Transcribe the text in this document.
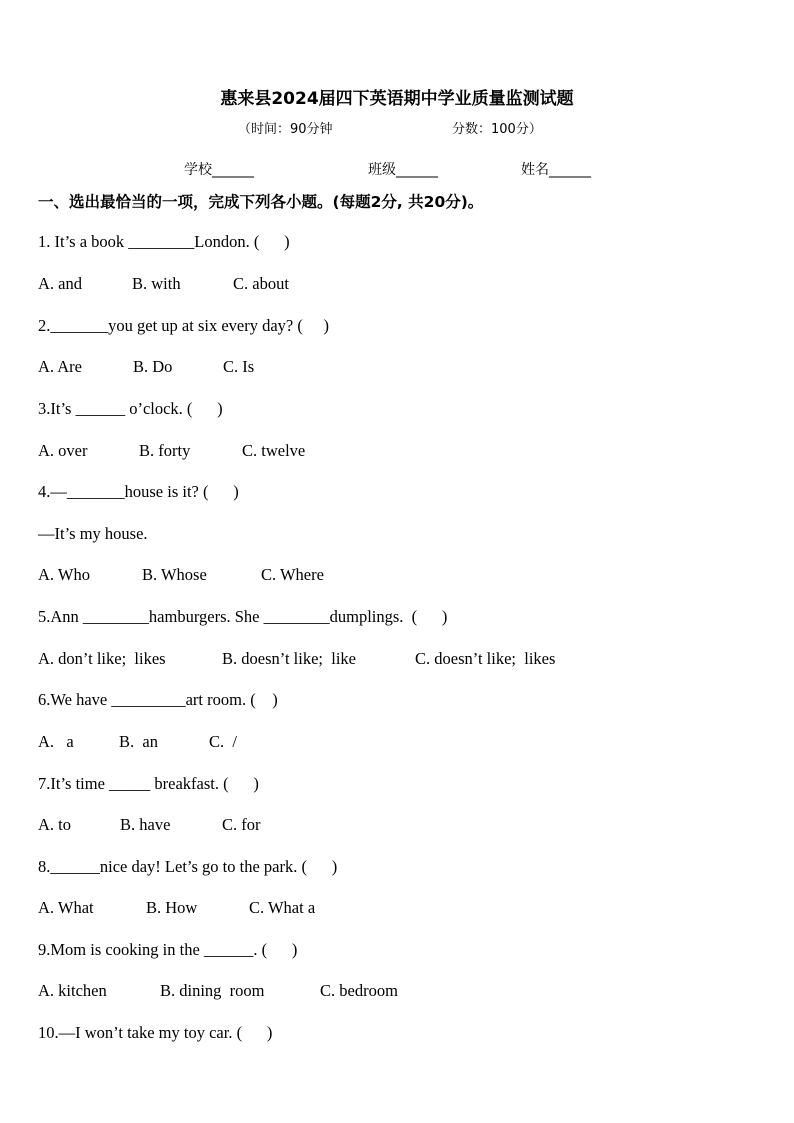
惠来县2024届四下英语期中学业质量监测试题
（时间：90分钟	分数：100分）
学校______	班级______	姓名______
一、选出最恰当的一项，完成下列各小题。(每题2分, 共20分)。
1. It’s a book ________London. (      )
A. and	B. with	C. about
2._______you get up at six every day? (     )
A. Are	B. Do	C. Is
3.It’s ______ o’clock. (      )
A. over	B. forty	C. twelve
4.—_______house is it? (      )
—It’s my house.
A. Who	B. Whose	C. Where
5.Ann ________hamburgers. She ________dumplings.  (      )
A. don’t like;  likes	B. doesn’t like;  like	C. doesn’t like;  likes
6.We have _________art room. (    )
A.   a	B.  an	C.  /
7.It’s time _____ breakfast. (      )
A. to	B. have	C. for
8.______nice day! Let’s go to the park. (      )
A. What	B. How	C. What a
9.Mom is cooking in the ______. (      )
A. kitchen	B. dining  room	C. bedroom
10.—I won’t take my toy car. (      )
